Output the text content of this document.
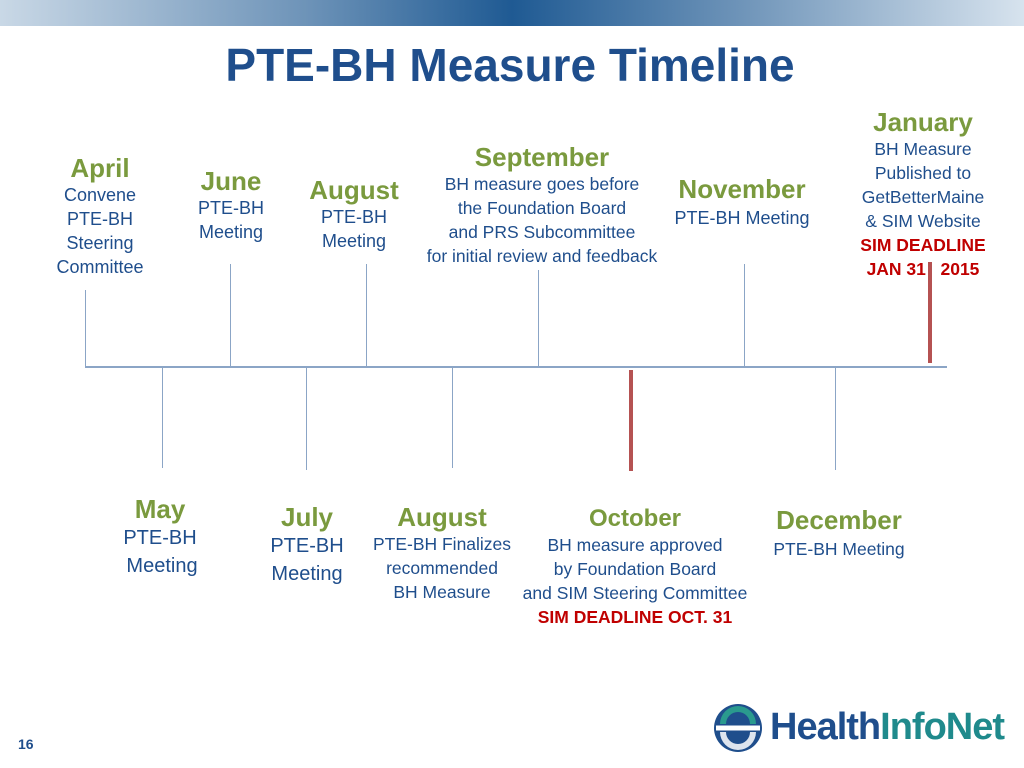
PTE-BH Measure Timeline
April
Convene
PTE-BH
Steering
Committee
June
PTE-BH
Meeting
August
PTE-BH
Meeting
September
BH measure goes before
the Foundation Board
and PRS Subcommittee
for initial review and feedback
November
PTE-BH Meeting
January
BH Measure
Published to
GetBetterMaine
& SIM Website
SIM DEADLINE
JAN 31   2015
May
PTE-BH
Meeting
July
PTE-BH
Meeting
August
PTE-BH Finalizes
recommended
BH Measure
October
BH measure approved
by Foundation Board
and SIM Steering Committee
SIM DEADLINE OCT. 31
December
PTE-BH Meeting
16	HealthInfoNet
